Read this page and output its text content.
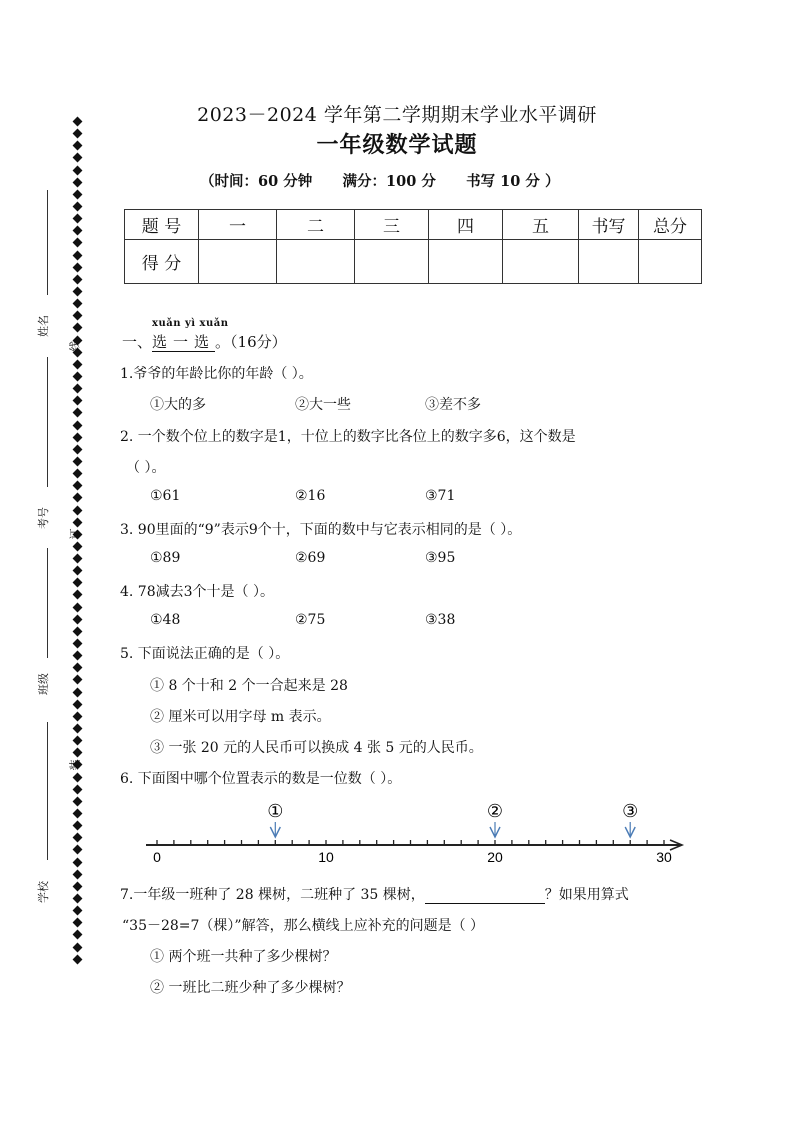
姓名
考号
班级
学校
线
订
装
2023－2024 学年第二学期期末学业水平调研
一年级数学试题
（时间：60 分钟      满分：100 分      书写 10 分 ）
题 号	一	二	三	四	五	书写	总分
得 分							
xuǎn yì xuǎn
一、选一选。（16分）
1.爷爷的年龄比你的年龄（ ）。
①大的多	②大一些	③差不多
2. 一个数个位上的数字是1，十位上的数字比各位上的数字多6，这个数是
（ ）。
①61	②16	③71
3. 90里面的“9”表示9个十，下面的数中与它表示相同的是（ ）。
①89	②69	③95
4. 78减去3个十是（ ）。
①48	②75	③38
5. 下面说法正确的是（ ）。
① 8 个十和 2 个一合起来是 28
② 厘米可以用字母 m 表示。
③ 一张 20 元的人民币可以换成 4 张 5 元的人民币。
6. 下面图中哪个位置表示的数是一位数（ ）。
0	10	20	30
①	②	③
7.一年级一班种了 28 棵树，二班种了 35 棵树，	？如果用算式
“35－28=7（棵）”解答，那么横线上应补充的问题是（ ）
① 两个班一共种了多少棵树？
② 一班比二班少种了多少棵树？
